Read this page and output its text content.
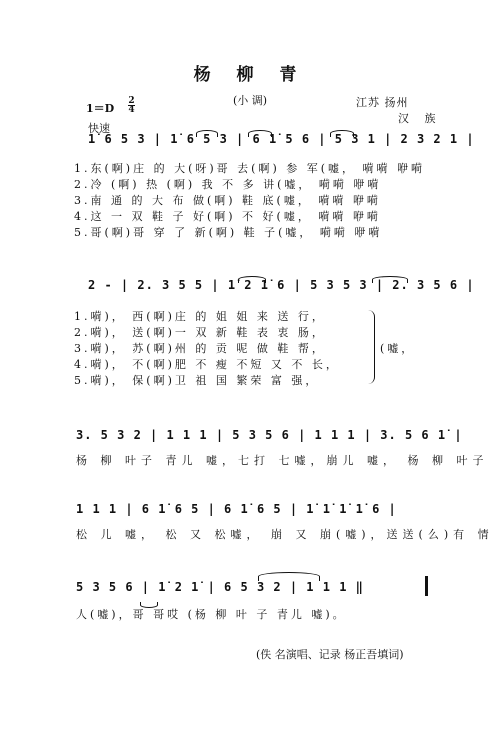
杨 柳 青
(小 调)	江苏 扬州
汉 族
1＝D
2
4
快速
1̇ 6 5 3 | 1̇ 6 5 3 | 6 1̇ 5 6 | 5 3 1 | 2 3 2 1 |
1.东(啊)庄 的 大(呀)哥 去(啊) 参 军(嘘， 嗬嗬 咿嗬
2.冷 (啊) 热 (啊) 我 不 多 讲(嘘， 嗬嗬 咿嗬
3.南 通 的 大 布 做(啊) 鞋 底(嘘， 嗬嗬 咿嗬
4.这 一 双 鞋 子 好(啊) 不 好(嘘， 嗬嗬 咿嗬
5.哥(啊)哥 穿 了 新(啊) 鞋 子(嘘， 嗬嗬 咿嗬
2 - | 2. 3 5 5 | 1̇ 2 1̇ 6 | 5 3 5 3 | 2. 3 5 6 |
1.嗬)， 西(啊)庄 的 姐 姐 来 送 行，
2.嗬)， 送(啊)一 双 新 鞋 表 衷 肠，
3.嗬)， 苏(啊)州 的 贡 呢 做 鞋 帮，
4.嗬)， 不(啊)肥 不 瘦 不短 又 不 长，
5.嗬)， 保(啊)卫 祖 国 繁荣 富 强，
(嘘，
3. 5 3 2 | 1 1 1 | 5 3 5 6 | 1 1 1 | 3. 5 6 1̇ |
杨 柳 叶子 青儿 嘘，七打 七嘘，崩儿 嘘， 杨 柳 叶子
1 1 1 | 6 1̇ 6 5 | 6 1̇ 6 5 | 1̇ 1̇ 1̇ 1̇ 6 |
松 儿 嘘， 松 又 松嘘， 崩 又 崩(嘘)，送送(么)有 情
5 3 5 6 | 1̇ 2 1̇ | 6 5 3 2 | 1 1 1 ‖
人(嘘)，哥 哥哎 (杨 柳 叶 子 青儿 嘘)。
(佚 名演唱、记录 杨正吾填词)
